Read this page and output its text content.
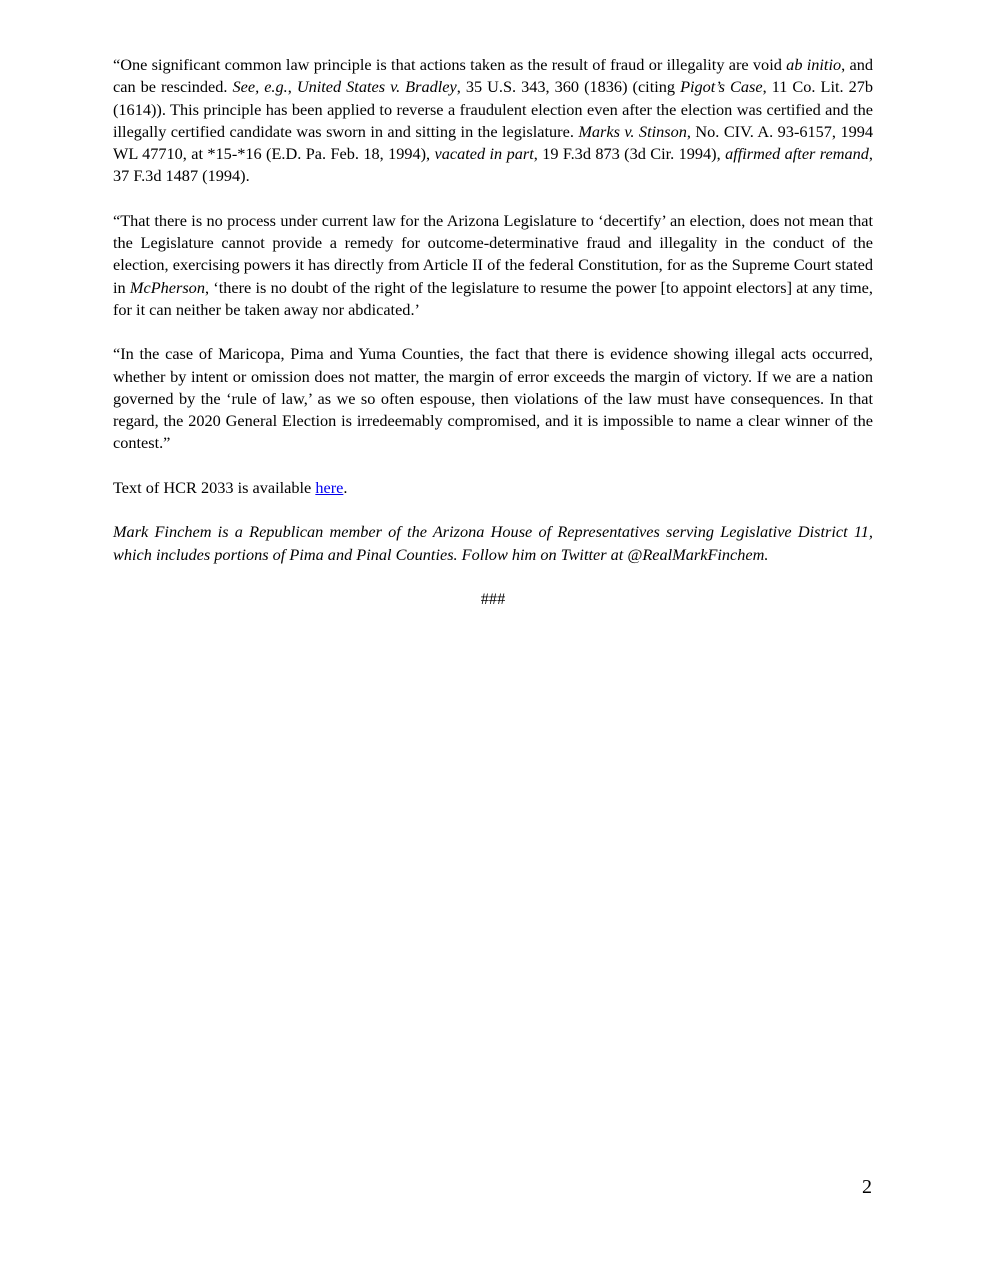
“One significant common law principle is that actions taken as the result of fraud or illegality are void ab initio, and can be rescinded. See, e.g., United States v. Bradley, 35 U.S. 343, 360 (1836) (citing Pigot’s Case, 11 Co. Lit. 27b (1614)). This principle has been applied to reverse a fraudulent election even after the election was certified and the illegally certified candidate was sworn in and sitting in the legislature. Marks v. Stinson, No. CIV. A. 93-6157, 1994 WL 47710, at *15-*16 (E.D. Pa. Feb. 18, 1994), vacated in part, 19 F.3d 873 (3d Cir. 1994), affirmed after remand, 37 F.3d 1487 (1994).

“That there is no process under current law for the Arizona Legislature to ‘decertify’ an election, does not mean that the Legislature cannot provide a remedy for outcome-determinative fraud and illegality in the conduct of the election, exercising powers it has directly from Article II of the federal Constitution, for as the Supreme Court stated in McPherson, ‘there is no doubt of the right of the legislature to resume the power [to appoint electors] at any time, for it can neither be taken away nor abdicated.’

“In the case of Maricopa, Pima and Yuma Counties, the fact that there is evidence showing illegal acts occurred, whether by intent or omission does not matter, the margin of error exceeds the margin of victory. If we are a nation governed by the ‘rule of law,’ as we so often espouse, then violations of the law must have consequences. In that regard, the 2020 General Election is irredeemably compromised, and it is impossible to name a clear winner of the contest.”

Text of HCR 2033 is available here.

Mark Finchem is a Republican member of the Arizona House of Representatives serving Legislative District 11, which includes portions of Pima and Pinal Counties. Follow him on Twitter at @RealMarkFinchem.

###

2
